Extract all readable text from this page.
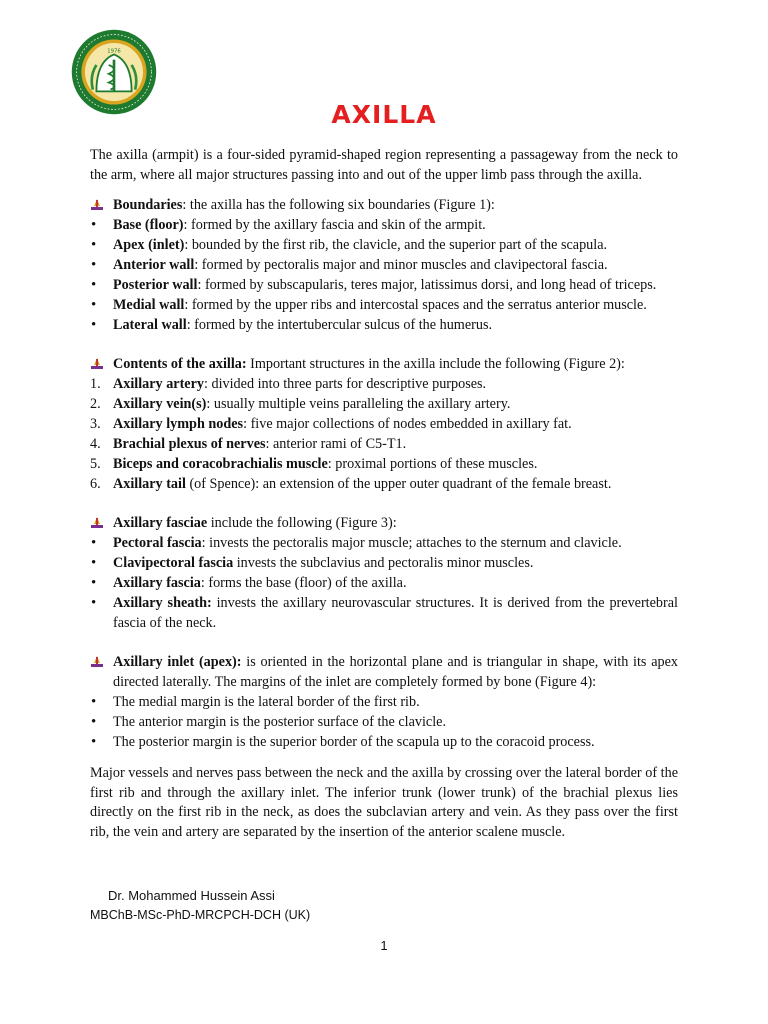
1976
AXILLA

The axilla (armpit) is a four-sided pyramid-shaped region representing a passageway from the neck to the arm, where all major structures passing into and out of the upper limb pass through the axilla.

Boundaries: the axilla has the following six boundaries (Figure 1):
• Base (floor): formed by the axillary fascia and skin of the armpit.
• Apex (inlet): bounded by the first rib, the clavicle, and the superior part of the scapula.
• Anterior wall: formed by pectoralis major and minor muscles and clavipectoral fascia.
• Posterior wall: formed by subscapularis, teres major, latissimus dorsi, and long head of triceps.
• Medial wall: formed by the upper ribs and intercostal spaces and the serratus anterior muscle.
• Lateral wall: formed by the intertubercular sulcus of the humerus.
Contents of the axilla: Important structures in the axilla include the following (Figure 2):
1. Axillary artery: divided into three parts for descriptive purposes.
2. Axillary vein(s): usually multiple veins paralleling the axillary artery.
3. Axillary lymph nodes: five major collections of nodes embedded in axillary fat.
4. Brachial plexus of nerves: anterior rami of C5-T1.
5. Biceps and coracobrachialis muscle: proximal portions of these muscles.
6. Axillary tail (of Spence): an extension of the upper outer quadrant of the female breast.
Axillary fasciae include the following (Figure 3):
• Pectoral fascia: invests the pectoralis major muscle; attaches to the sternum and clavicle.
• Clavipectoral fascia invests the subclavius and pectoralis minor muscles.
• Axillary fascia: forms the base (floor) of the axilla.
• Axillary sheath: invests the axillary neurovascular structures. It is derived from the prevertebral fascia of the neck.
Axillary inlet (apex): is oriented in the horizontal plane and is triangular in shape, with its apex directed laterally. The margins of the inlet are completely formed by bone (Figure 4):
• The medial margin is the lateral border of the first rib.
• The anterior margin is the posterior surface of the clavicle.
• The posterior margin is the superior border of the scapula up to the coracoid process.

Major vessels and nerves pass between the neck and the axilla by crossing over the lateral border of the first rib and through the axillary inlet. The inferior trunk (lower trunk) of the brachial plexus lies directly on the first rib in the neck, as does the subclavian artery and vein. As they pass over the first rib, the vein and artery are separated by the insertion of the anterior scalene muscle.

Dr. Mohammed Hussein Assi
MBChB-MSc-PhD-MRCPCH-DCH (UK)
1
